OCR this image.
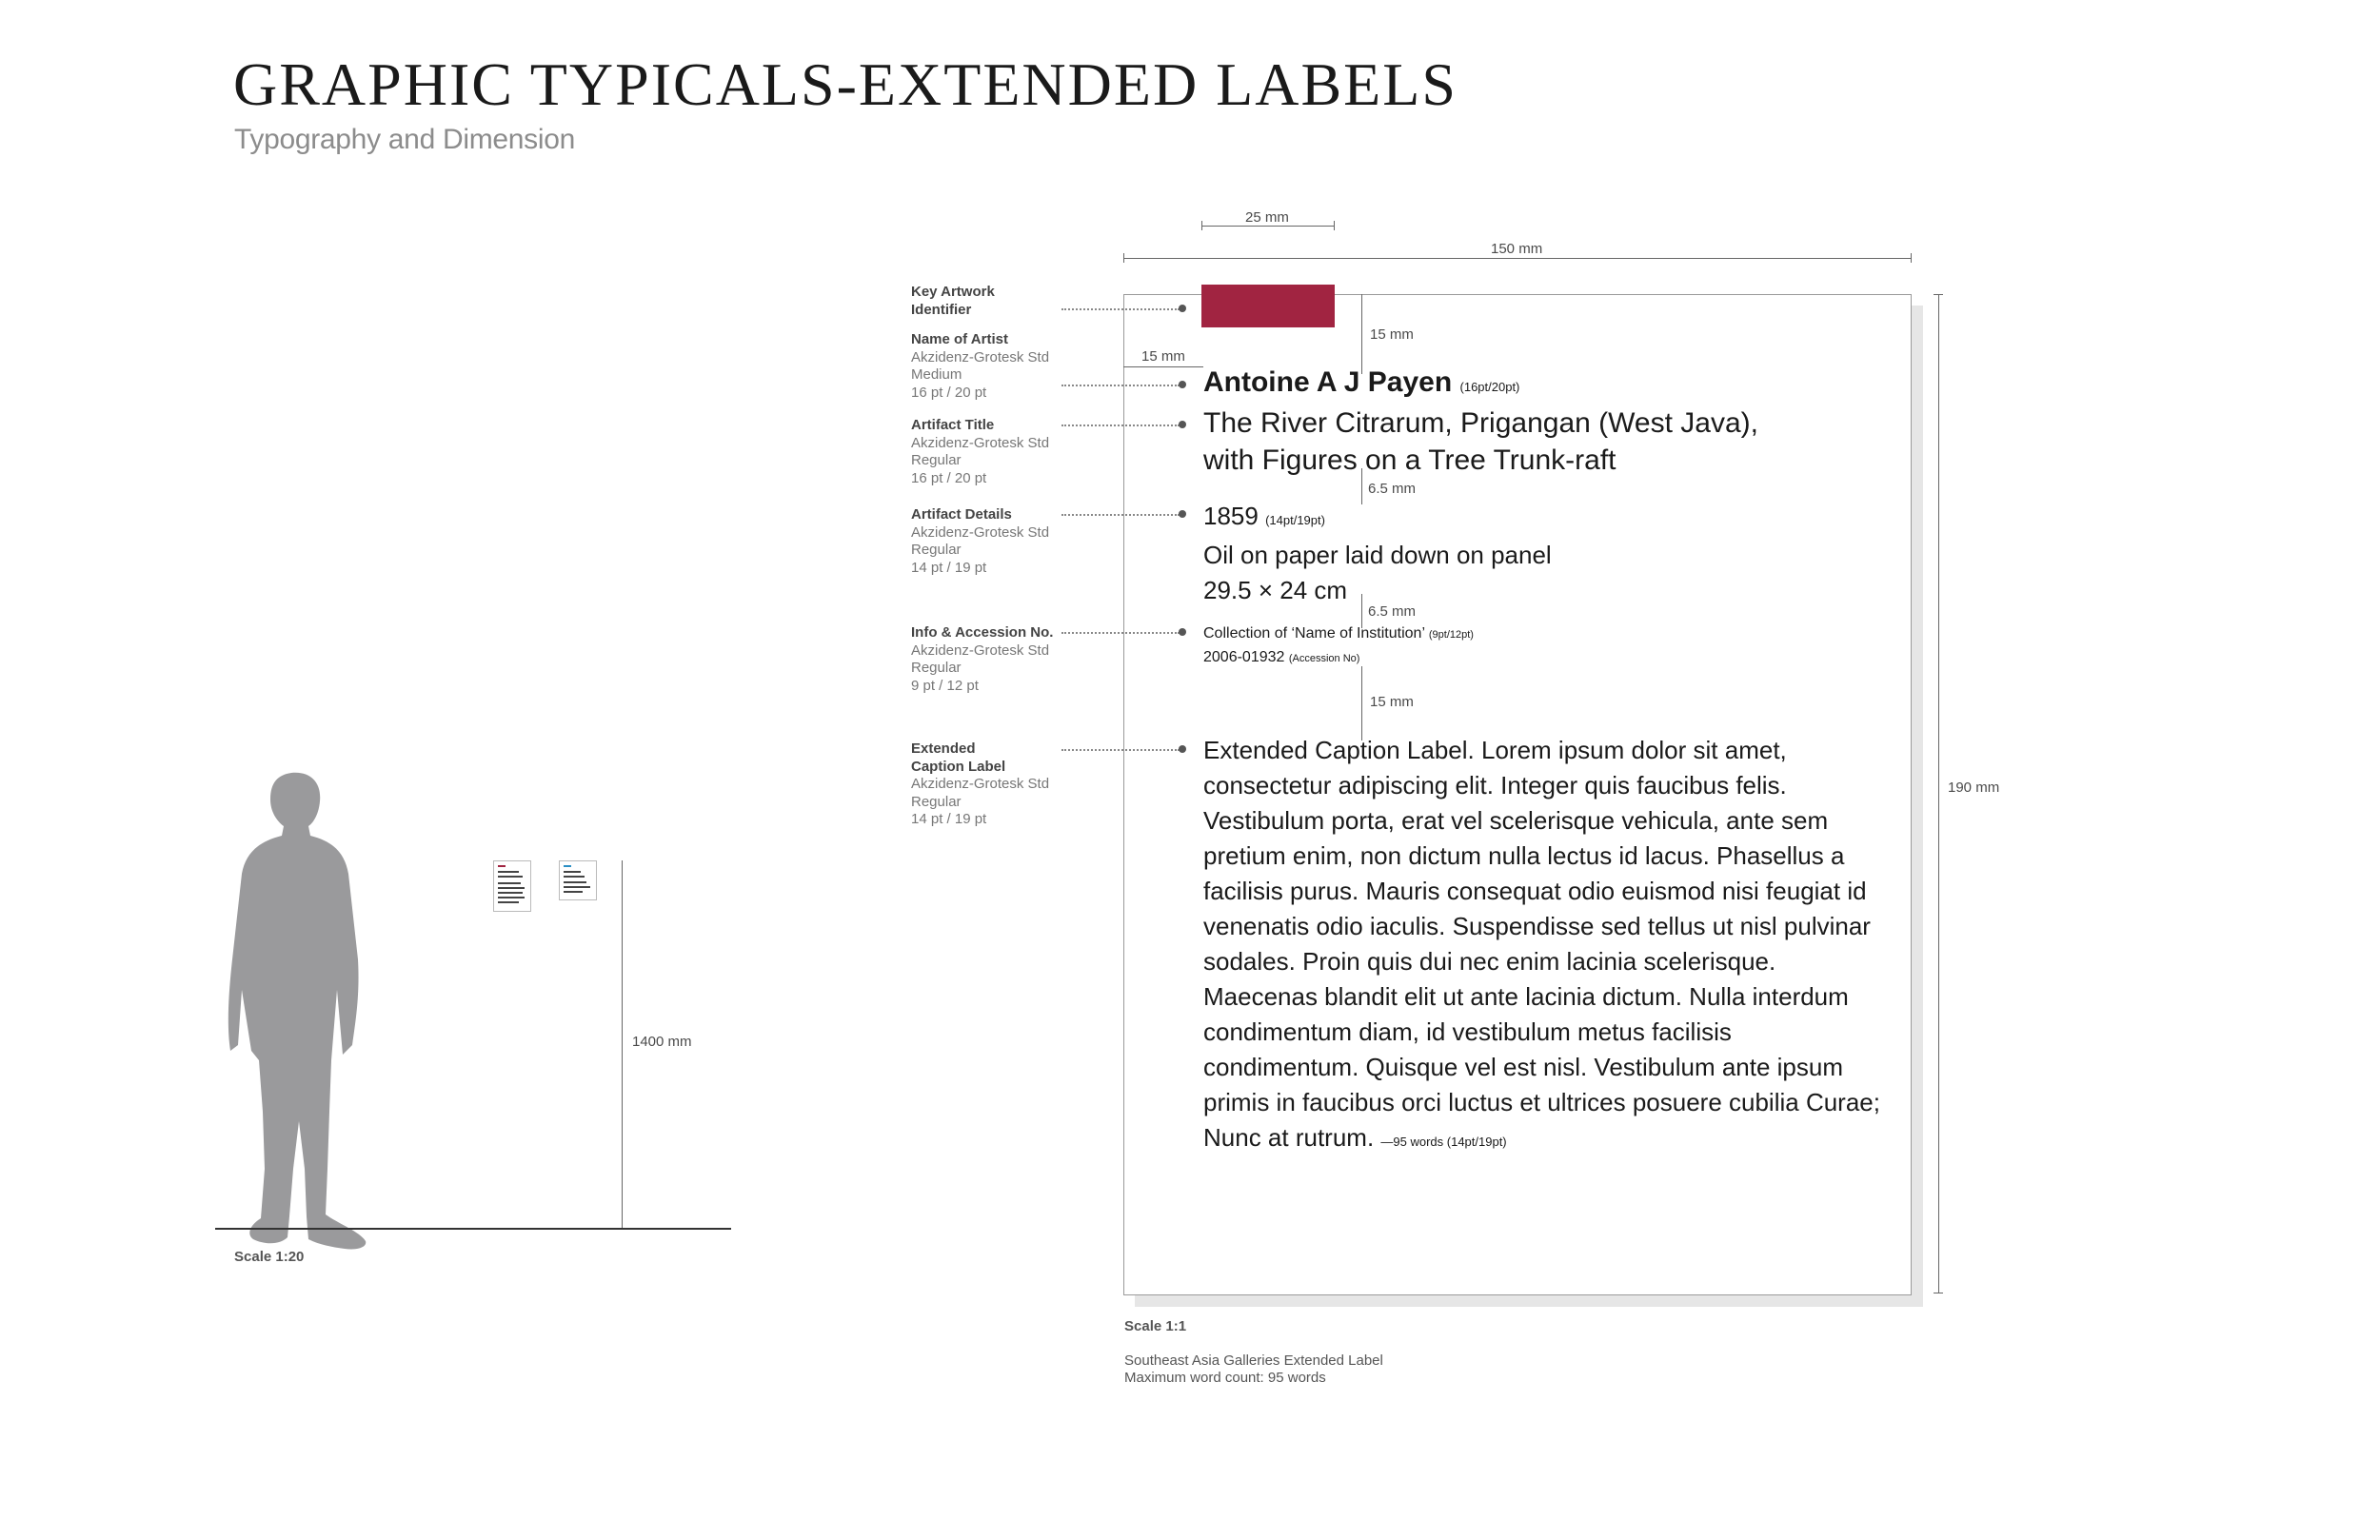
GRAPHIC TYPICALS-EXTENDED LABELS
Typography and Dimension
25 mm
150 mm
190 mm
15 mm
15 mm
6.5 mm
6.5 mm
15 mm
Antoine A J Payen (16pt/20pt)
The River Citrarum, Prigangan (West Java),
with Figures on a Tree Trunk-raft
1859 (14pt/19pt)
Oil on paper laid down on panel
29.5 × 24 cm
Collection of ‘Name of Institution’ (9pt/12pt)
2006-01932 (Accession No)
Extended Caption Label. Lorem ipsum dolor sit amet, consectetur adipiscing elit. Integer quis faucibus felis. Vestibulum porta, erat vel scelerisque vehicula, ante sem pretium enim, non dictum nulla lectus id lacus. Phasellus a facilisis purus. Mauris consequat odio euismod nisi feugiat id venenatis odio iaculis. Suspendisse sed tellus ut nisl pulvinar sodales. Proin quis dui nec enim lacinia scelerisque. Maecenas blandit elit ut ante lacinia dictum. Nulla interdum condimentum diam, id vestibulum metus facilisis condimentum. Quisque vel est nisl. Vestibulum ante ipsum primis in faucibus orci luctus et ultrices posuere cubilia Curae; Nunc at rutrum. —95 words (14pt/19pt)
Key Artwork
Identifier
Name of Artist
Akzidenz-Grotesk Std
Medium
16 pt / 20 pt
Artifact Title
Akzidenz-Grotesk Std
Regular
16 pt / 20 pt
Artifact Details
Akzidenz-Grotesk Std
Regular
14 pt / 19 pt
Info & Accession No.
Akzidenz-Grotesk Std
Regular
9 pt / 12 pt
Extended
Caption Label
Akzidenz-Grotesk Std
Regular
14 pt / 19 pt
Scale 1:1
Southeast Asia Galleries Extended Label
Maximum word count: 95 words
Scale 1:20
1400 mm
